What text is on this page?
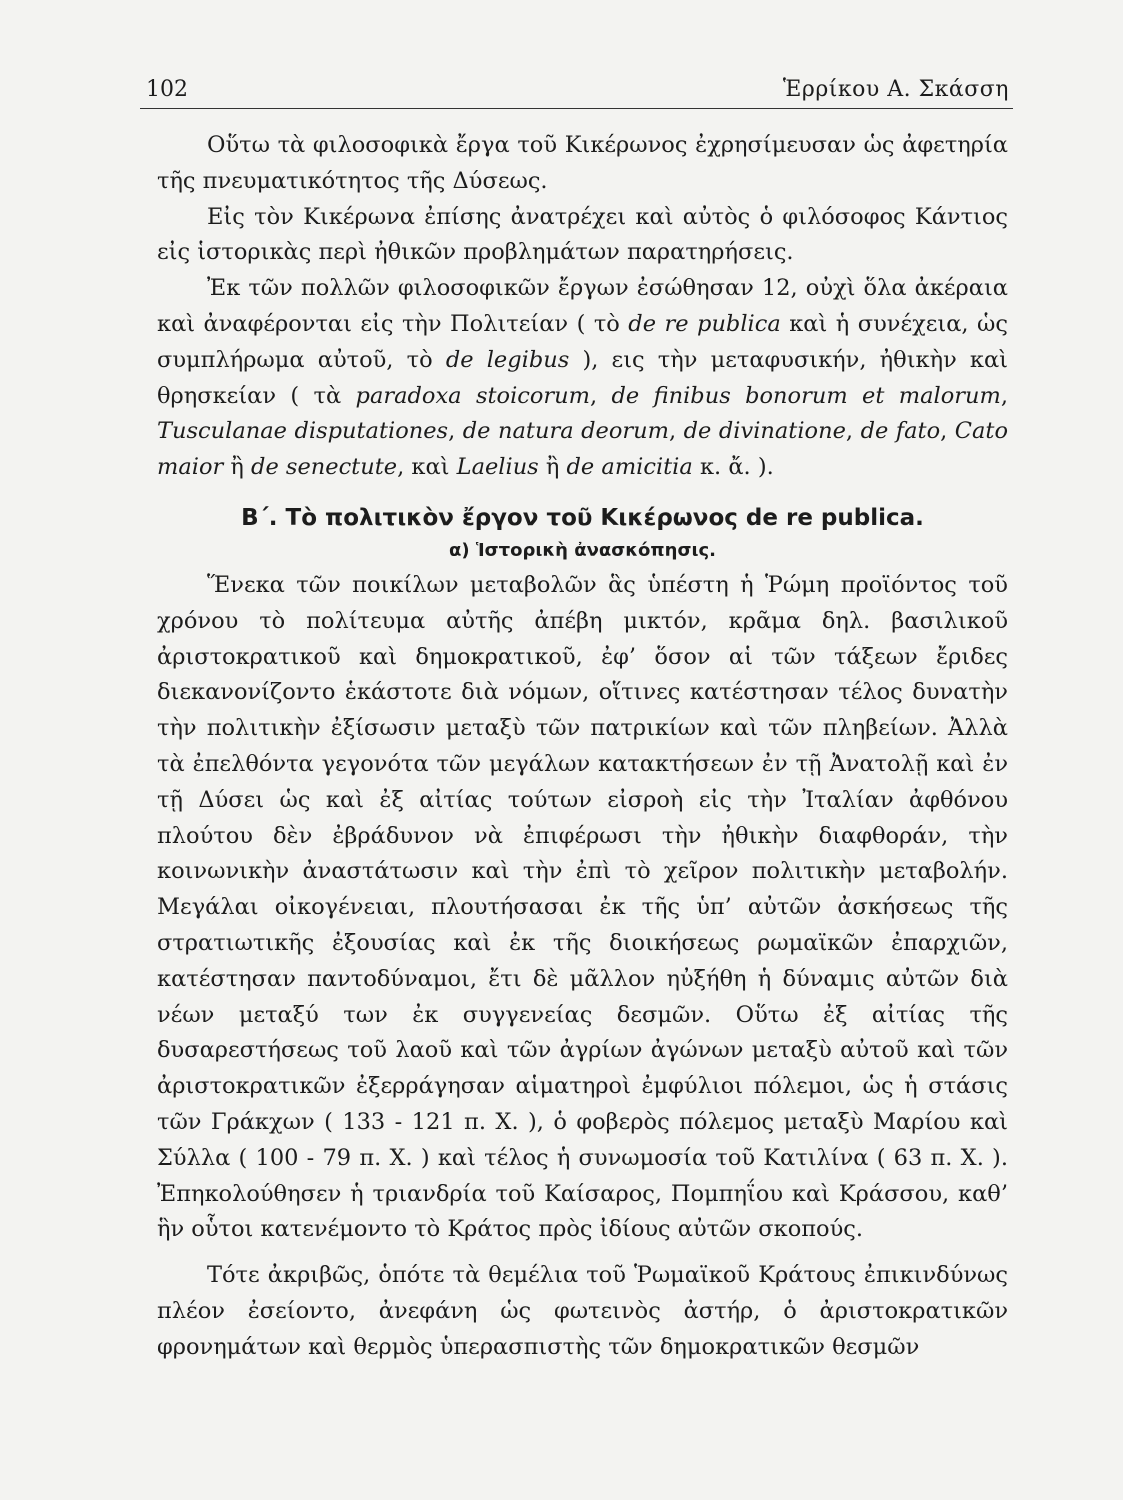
102	Ἑρρίκου Α. Σκάσση

Οὕτω τὰ φιλοσοφικὰ ἔργα τοῦ Κικέρωνος ἐχρησίμευσαν ὡς ἀφετηρία τῆς πνευματικότητος τῆς Δύσεως.

Εἰς τὸν Κικέρωνα ἐπίσης ἀνατρέχει καὶ αὐτὸς ὁ φιλόσοφος Κάντιος εἰς ἱστορικὰς περὶ ἠθικῶν προβλημάτων παρατηρήσεις.

Ἐκ τῶν πολλῶν φιλοσοφικῶν ἔργων ἐσώθησαν 12, οὐχὶ ὅλα ἀκέραια καὶ ἀναφέρονται εἰς τὴν Πολιτείαν ( τὸ de re publica καὶ ἡ συνέχεια, ὡς συμπλήρωμα αὐτοῦ, τὸ de legibus ), εις τὴν μεταφυσικήν, ἠθικὴν καὶ θρησκείαν ( τὰ paradoxa stoicorum, de finibus bonorum et malorum, Tusculanae disputationes, de natura deorum, de divinatione, de fato, Cato maior ἢ de senectute, καὶ Laelius ἢ de amicitia κ. ἄ. ).

Β΄. Τὸ πολιτικὸν ἔργον τοῦ Κικέρωνος de re publica.
α) Ἱστορικὴ ἀνασκόπησις.

Ἕνεκα τῶν ποικίλων μεταβολῶν ἃς ὑπέστη ἡ Ῥώμη προϊόντος τοῦ χρόνου τὸ πολίτευμα αὐτῆς ἀπέβη μικτόν, κρᾶμα δηλ. βασιλικοῦ ἀριστοκρατικοῦ καὶ δημοκρατικοῦ, ἐφ’ ὅσον αἱ τῶν τάξεων ἔριδες διεκανονίζοντο ἑκάστοτε διὰ νόμων, οἵτινες κατέστησαν τέλος δυνατὴν τὴν πολιτικὴν ἐξίσωσιν μεταξὺ τῶν πατρικίων καὶ τῶν πληβείων. Ἀλλὰ τὰ ἐπελθόντα γεγονότα τῶν μεγάλων κατακτήσεων ἐν τῇ Ἀνατολῇ καὶ ἐν τῇ Δύσει ὡς καὶ ἐξ αἰτίας τούτων εἰσροὴ εἰς τὴν Ἰταλίαν ἀφθόνου πλούτου δὲν ἐβράδυνον νὰ ἐπιφέρωσι τὴν ἠθικὴν διαφθοράν, τὴν κοινωνικὴν ἀναστάτωσιν καὶ τὴν ἐπὶ τὸ χεῖρον πολιτικὴν μεταβολήν. Μεγάλαι οἰκογένειαι, πλουτήσασαι ἐκ τῆς ὑπ’ αὐτῶν ἀσκήσεως τῆς στρατιωτικῆς ἐξουσίας καὶ ἐκ τῆς διοικήσεως ρωμαϊκῶν ἐπαρχιῶν, κατέστησαν παντοδύναμοι, ἔτι δὲ μᾶλλον ηὐξήθη ἡ δύναμις αὐτῶν διὰ νέων μεταξύ των ἐκ συγγενείας δεσμῶν. Οὕτω ἐξ αἰτίας τῆς δυσαρεστήσεως τοῦ λαοῦ καὶ τῶν ἀγρίων ἀγώνων μεταξὺ αὐτοῦ καὶ τῶν ἀριστοκρατικῶν ἐξερράγησαν αἱματηροὶ ἐμφύλιοι πόλεμοι, ὡς ἡ στάσις τῶν Γράκχων ( 133 - 121 π. Χ. ), ὁ φοβερὸς πόλεμος μεταξὺ Μαρίου καὶ Σύλλα ( 100 - 79 π. Χ. ) καὶ τέλος ἡ συνωμοσία τοῦ Κατιλίνα ( 63 π. Χ. ). Ἐπηκολούθησεν ἡ τριανδρία τοῦ Καίσαρος, Πομπηΐου καὶ Κράσσου, καθ’ ἣν οὗτοι κατενέμοντο τὸ Κράτος πρὸς ἰδίους αὐτῶν σκοπούς.

Τότε ἀκριβῶς, ὁπότε τὰ θεμέλια τοῦ Ῥωμαϊκοῦ Κράτους ἐπικινδύνως πλέον ἐσείοντο, ἀνεφάνη ὡς φωτεινὸς ἀστήρ, ὁ ἀριστοκρατικῶν φρονημάτων καὶ θερμὸς ὑπερασπιστὴς τῶν δημοκρατικῶν θεσμῶν
